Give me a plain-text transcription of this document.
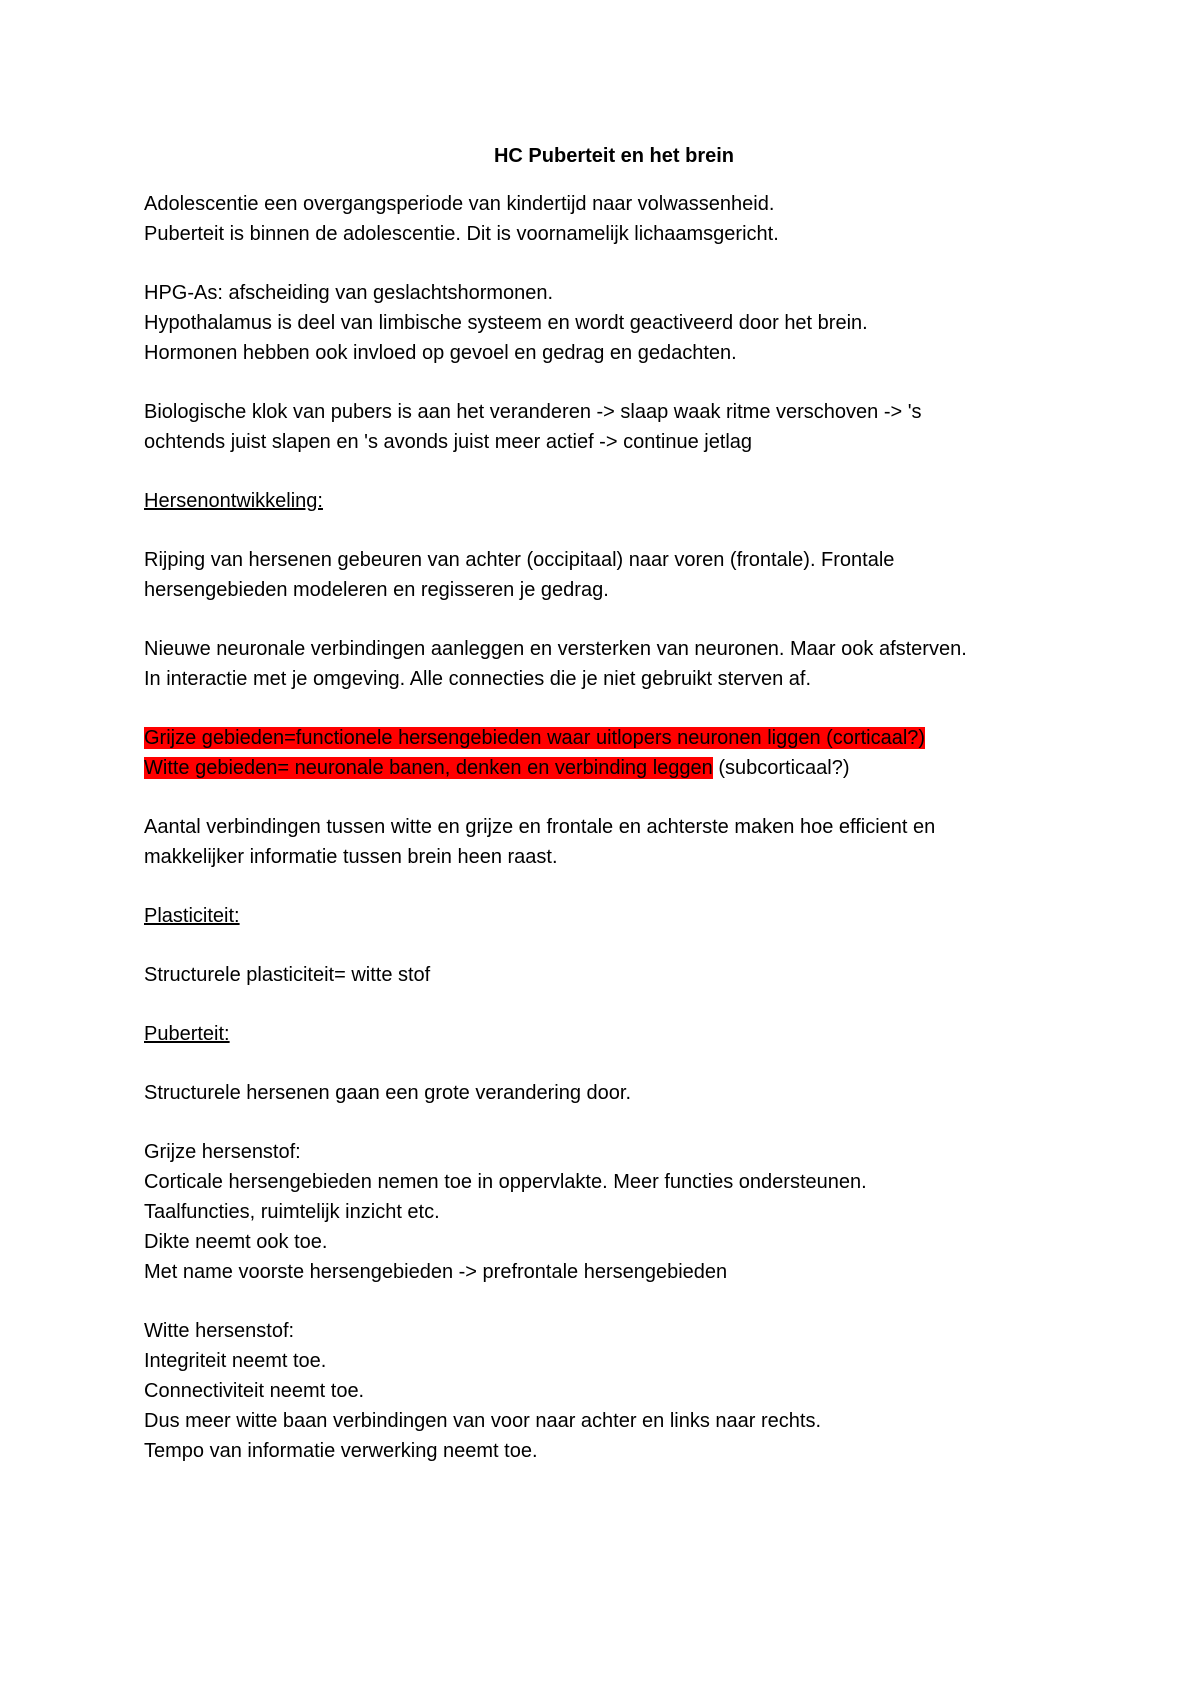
HC Puberteit en het brein
Adolescentie een overgangsperiode van kindertijd naar volwassenheid.
Puberteit is binnen de adolescentie. Dit is voornamelijk lichaamsgericht.
HPG-As: afscheiding van geslachtshormonen.
Hypothalamus is deel van limbische systeem en wordt geactiveerd door het brein.
Hormonen hebben ook invloed op gevoel en gedrag en gedachten.
Biologische klok van pubers is aan het veranderen -> slaap waak ritme verschoven -> 's
ochtends juist slapen en 's avonds juist meer actief -> continue jetlag
Hersenontwikkeling:
Rijping van hersenen gebeuren van achter (occipitaal) naar voren (frontale). Frontale
hersengebieden modeleren en regisseren je gedrag.
Nieuwe neuronale verbindingen aanleggen en versterken van neuronen. Maar ook afsterven.
In interactie met je omgeving. Alle connecties die je niet gebruikt sterven af.
Grijze gebieden=functionele hersengebieden waar uitlopers neuronen liggen (corticaal?)
Witte gebieden= neuronale banen, denken en verbinding leggen (subcorticaal?)
Aantal verbindingen tussen witte en grijze en frontale en achterste maken hoe efficient en
makkelijker informatie tussen brein heen raast.
Plasticiteit:
Structurele plasticiteit= witte stof
Puberteit:
Structurele hersenen gaan een grote verandering door.
Grijze hersenstof:
Corticale hersengebieden nemen toe in oppervlakte. Meer functies ondersteunen.
Taalfuncties, ruimtelijk inzicht etc.
Dikte neemt ook toe.
Met name voorste hersengebieden -> prefrontale hersengebieden
Witte hersenstof:
Integriteit neemt toe.
Connectiviteit neemt toe.
Dus meer witte baan verbindingen van voor naar achter en links naar rechts.
Tempo van informatie verwerking neemt toe.
